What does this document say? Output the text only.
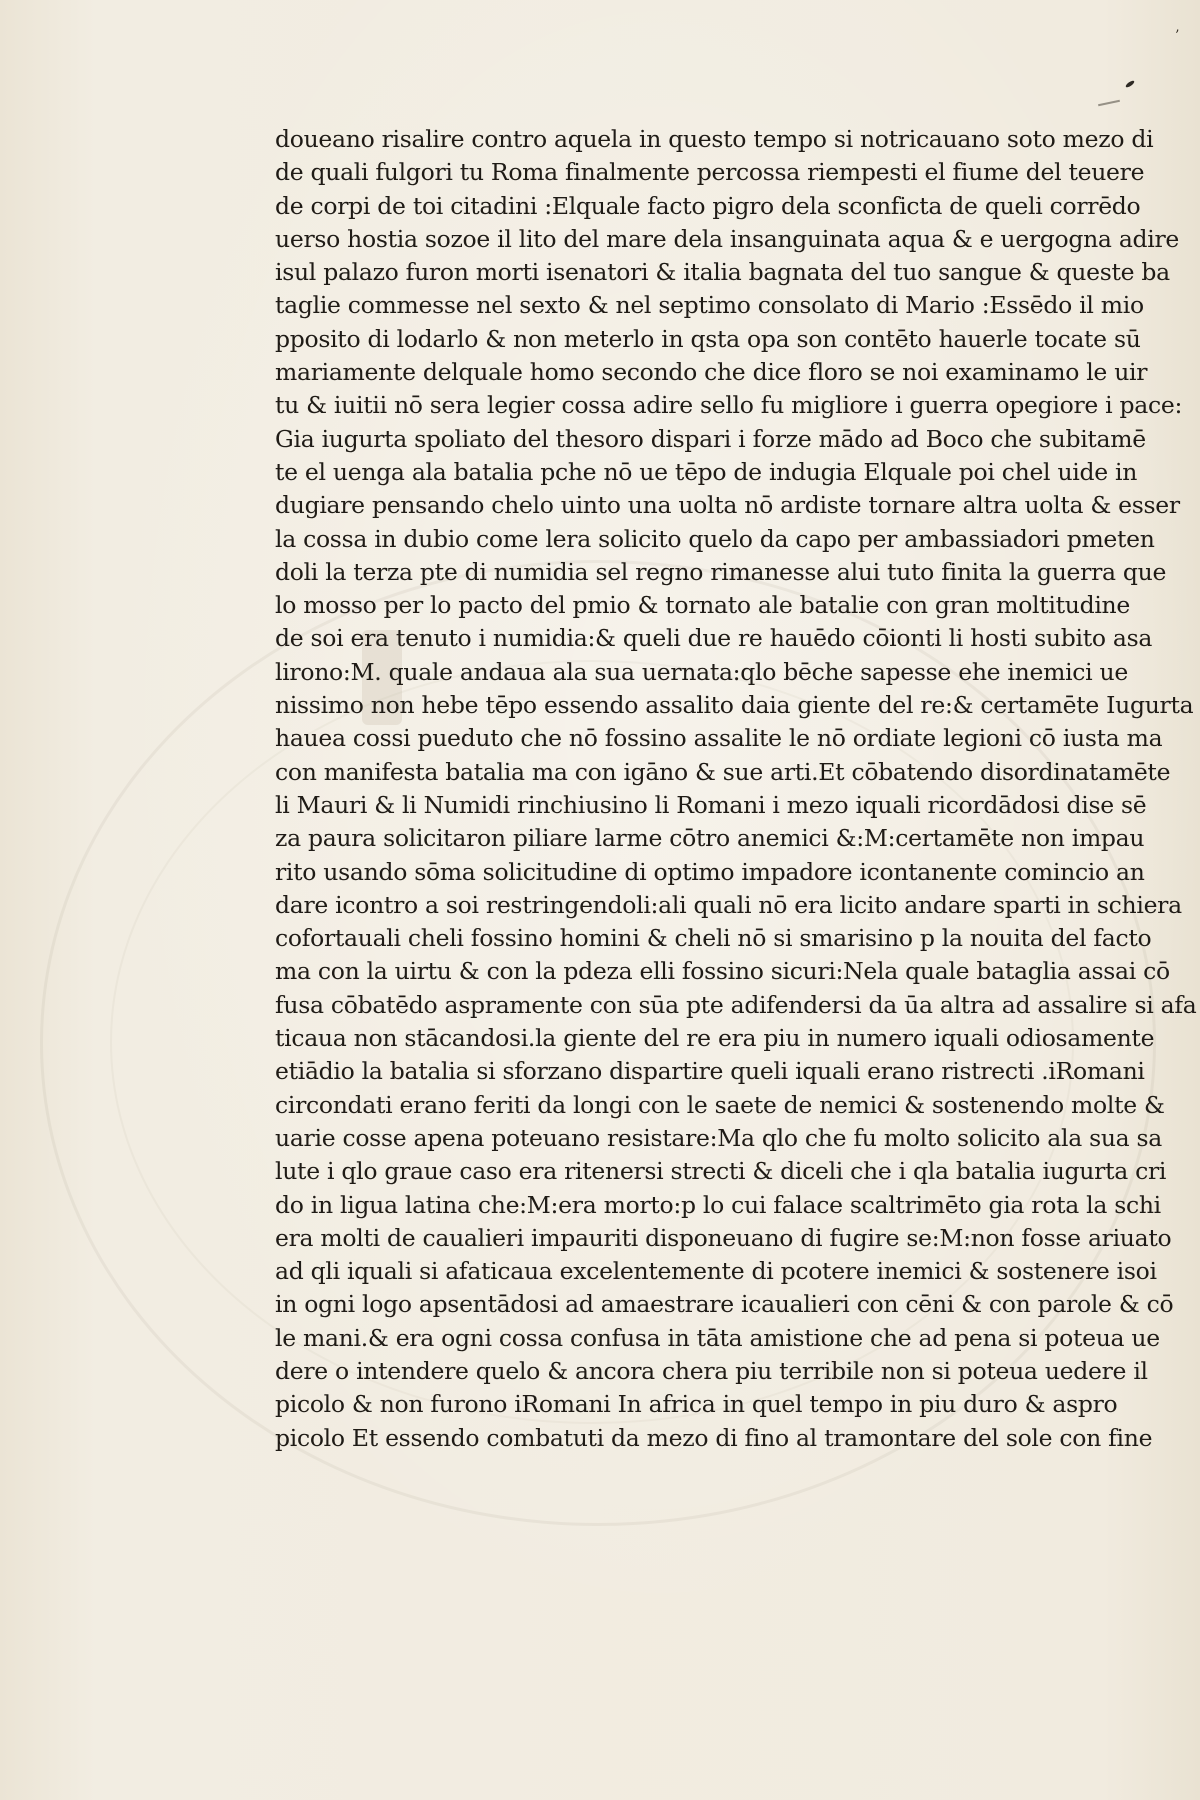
’
doueano risalire contro aquela in questo tempo si notricauano soto mezo di
de quali fulgori tu Roma finalmente percossa riempesti el fiume del teuere
de corpi de toi citadini :Elquale facto pigro dela sconficta de queli corrēdo
uerso hostia sozoe il lito del mare dela insanguinata aqua & e uergogna adire
isul palazo furon morti isenatori & italia bagnata del tuo sangue & queste ba
taglie commesse nel sexto & nel septimo consolato di Mario :Essēdo il mio
pposito di lodarlo & non meterlo in qsta opa son contēto hauerle tocate sū
mariamente delquale homo secondo che dice floro se noi examinamo le uir
tu & iuitii nō sera legier cossa adire sello fu migliore i guerra opegiore i pace:
Gia iugurta spoliato del thesoro dispari i forze mādo ad Boco che subitamē
te el uenga ala batalia pche nō ue tēpo de indugia Elquale poi chel uide in
dugiare pensando chelo uinto una uolta nō ardiste tornare altra uolta & esser
la cossa in dubio come lera solicito quelo da capo per ambassiadori pmeten
doli la terza pte di numidia sel regno rimanesse alui tuto finita la guerra que
lo mosso per lo pacto del pmio & tornato ale batalie con gran moltitudine
de soi era tenuto i numidia:& queli due re hauēdo cōionti li hosti subito asa
lirono:M. quale andaua ala sua uernata:qlo bēche sapesse ehe inemici ue
nissimo non hebe tēpo essendo assalito daia giente del re:& certamēte Iugurta
hauea cossi pueduto che nō fossino assalite le nō ordiate legioni cō iusta ma
con manifesta batalia ma con igāno & sue arti.Et cōbatendo disordinatamēte
li Mauri & li Numidi rinchiusino li Romani i mezo iquali ricordādosi dise sē
za paura solicitaron piliare larme cōtro anemici &:M:certamēte non impau
rito usando sōma solicitudine di optimo impadore icontanente comincio an
dare icontro a soi restringendoli:ali quali nō era licito andare sparti in schiera
cofortauali cheli fossino homini & cheli nō si smarisino p la nouita del facto
ma con la uirtu & con la pdeza elli fossino sicuri:Nela quale bataglia assai cō
fusa cōbatēdo aspramente con sūa pte adifendersi da ūa altra ad assalire si afa
ticaua non stācandosi.la giente del re era piu in numero iquali odiosamente
etiādio la batalia si sforzano dispartire queli iquali erano ristrecti .iRomani
circondati erano feriti da longi con le saete de nemici & sostenendo molte &
uarie cosse apena poteuano resistare:Ma qlo che fu molto solicito ala sua sa
lute i qlo graue caso era ritenersi strecti & diceli che i qla batalia iugurta cri
do in ligua latina che:M:era morto:p lo cui falace scaltrimēto gia rota la schi
era molti de caualieri impauriti disponeuano di fugire se:M:non fosse ariuato
ad qli iquali si afaticaua excelentemente di pcotere inemici & sostenere isoi
in ogni logo apsentādosi ad amaestrare icaualieri con cēni & con parole & cō
le mani.& era ogni cossa confusa in tāta amistione che ad pena si poteua ue
dere o intendere quelo & ancora chera piu terribile non si poteua uedere il
picolo & non furono iRomani In africa in quel tempo in piu duro & aspro
picolo Et essendo combatuti da mezo di fino al tramontare del sole con fine
